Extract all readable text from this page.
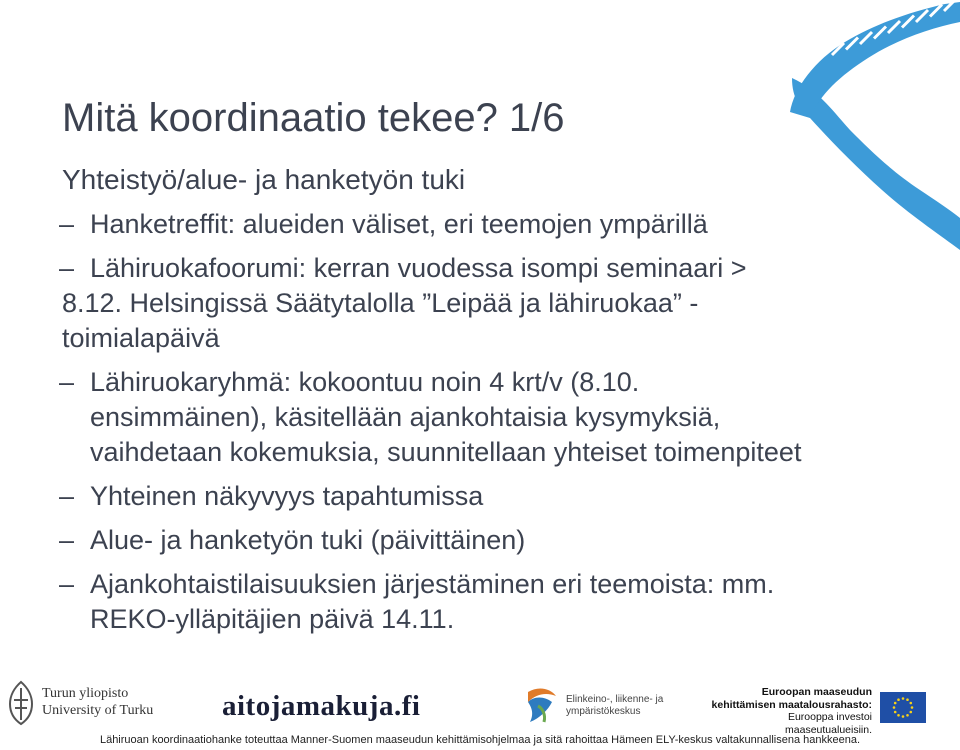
Mitä koordinaatio tekee? 1/6
Yhteistyö/alue- ja hanketyön tuki
– Hanketreffit: alueiden väliset, eri teemojen ympärillä
– Lähiruokafoorumi: kerran vuodessa isompi seminaari >
8.12. Helsingissä Säätytalolla ”Leipää ja lähiruokaa” -
toimialapäivä
– Lähiruokaryhmä: kokoontuu noin 4 krt/v (8.10.
ensimmäinen), käsitellään ajankohtaisia kysymyksiä,
vaihdetaan kokemuksia, suunnitellaan yhteiset toimenpiteet
– Yhteinen näkyvyys tapahtumissa
– Alue- ja hanketyön tuki (päivittäinen)
– Ajankohtaistilaisuuksien järjestäminen eri teemoista: mm.
REKO-ylläpitäjien päivä 14.11.
Turun yliopisto
University of Turku aitojamakuja.fi	Elinkeino-, liikenne- ja
ympäristökeskus
Euroopan maaseudun
kehittämisen maatalousrahasto:
Eurooppa investoi maaseutualueisiin.
Lähiruoan koordinaatiohanke toteuttaa Manner-Suomen maaseudun kehittämisohjelmaa ja sitä rahoittaa Hämeen ELY-keskus valtakunnallisena hankkeena.
